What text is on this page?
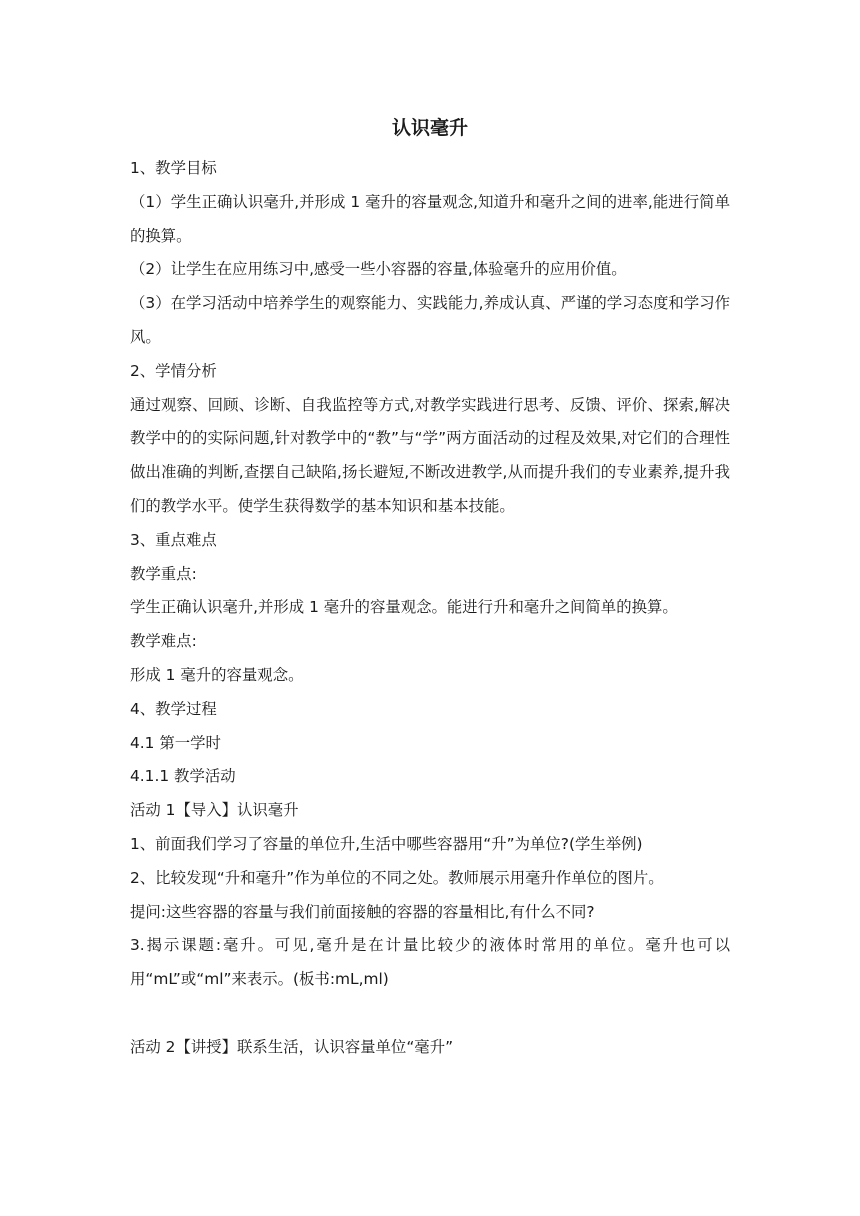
认识毫升

1、教学目标

（1）学生正确认识毫升,并形成 1 毫升的容量观念,知道升和毫升之间的进率,能进行简单的换算。

（2）让学生在应用练习中,感受一些小容器的容量,体验毫升的应用价值。

（3）在学习活动中培养学生的观察能力、实践能力,养成认真、严谨的学习态度和学习作风。

2、学情分析

通过观察、回顾、诊断、自我监控等方式,对教学实践进行思考、反馈、评价、探索,解决教学中的的实际问题,针对教学中的“教”与“学”两方面活动的过程及效果,对它们的合理性做出准确的判断,查摆自己缺陷,扬长避短,不断改进教学,从而提升我们的专业素养,提升我们的教学水平。使学生获得数学的基本知识和基本技能。

3、重点难点

教学重点:

学生正确认识毫升,并形成 1 毫升的容量观念。能进行升和毫升之间简单的换算。

教学难点:

形成 1 毫升的容量观念。

4、教学过程

4.1 第一学时

4.1.1 教学活动

活动 1【导入】认识毫升

1、前面我们学习了容量的单位升,生活中哪些容器用“升”为单位?(学生举例)

2、比较发现“升和毫升”作为单位的不同之处。教师展示用毫升作单位的图片。

提问:这些容器的容量与我们前面接触的容器的容量相比,有什么不同?

3.揭示课题:毫升。可见,毫升是在计量比较少的液体时常用的单位。毫升也可以用“mL”或“ml”来表示。(板书:mL,ml)

活动 2【讲授】联系生活，认识容量单位“毫升”
